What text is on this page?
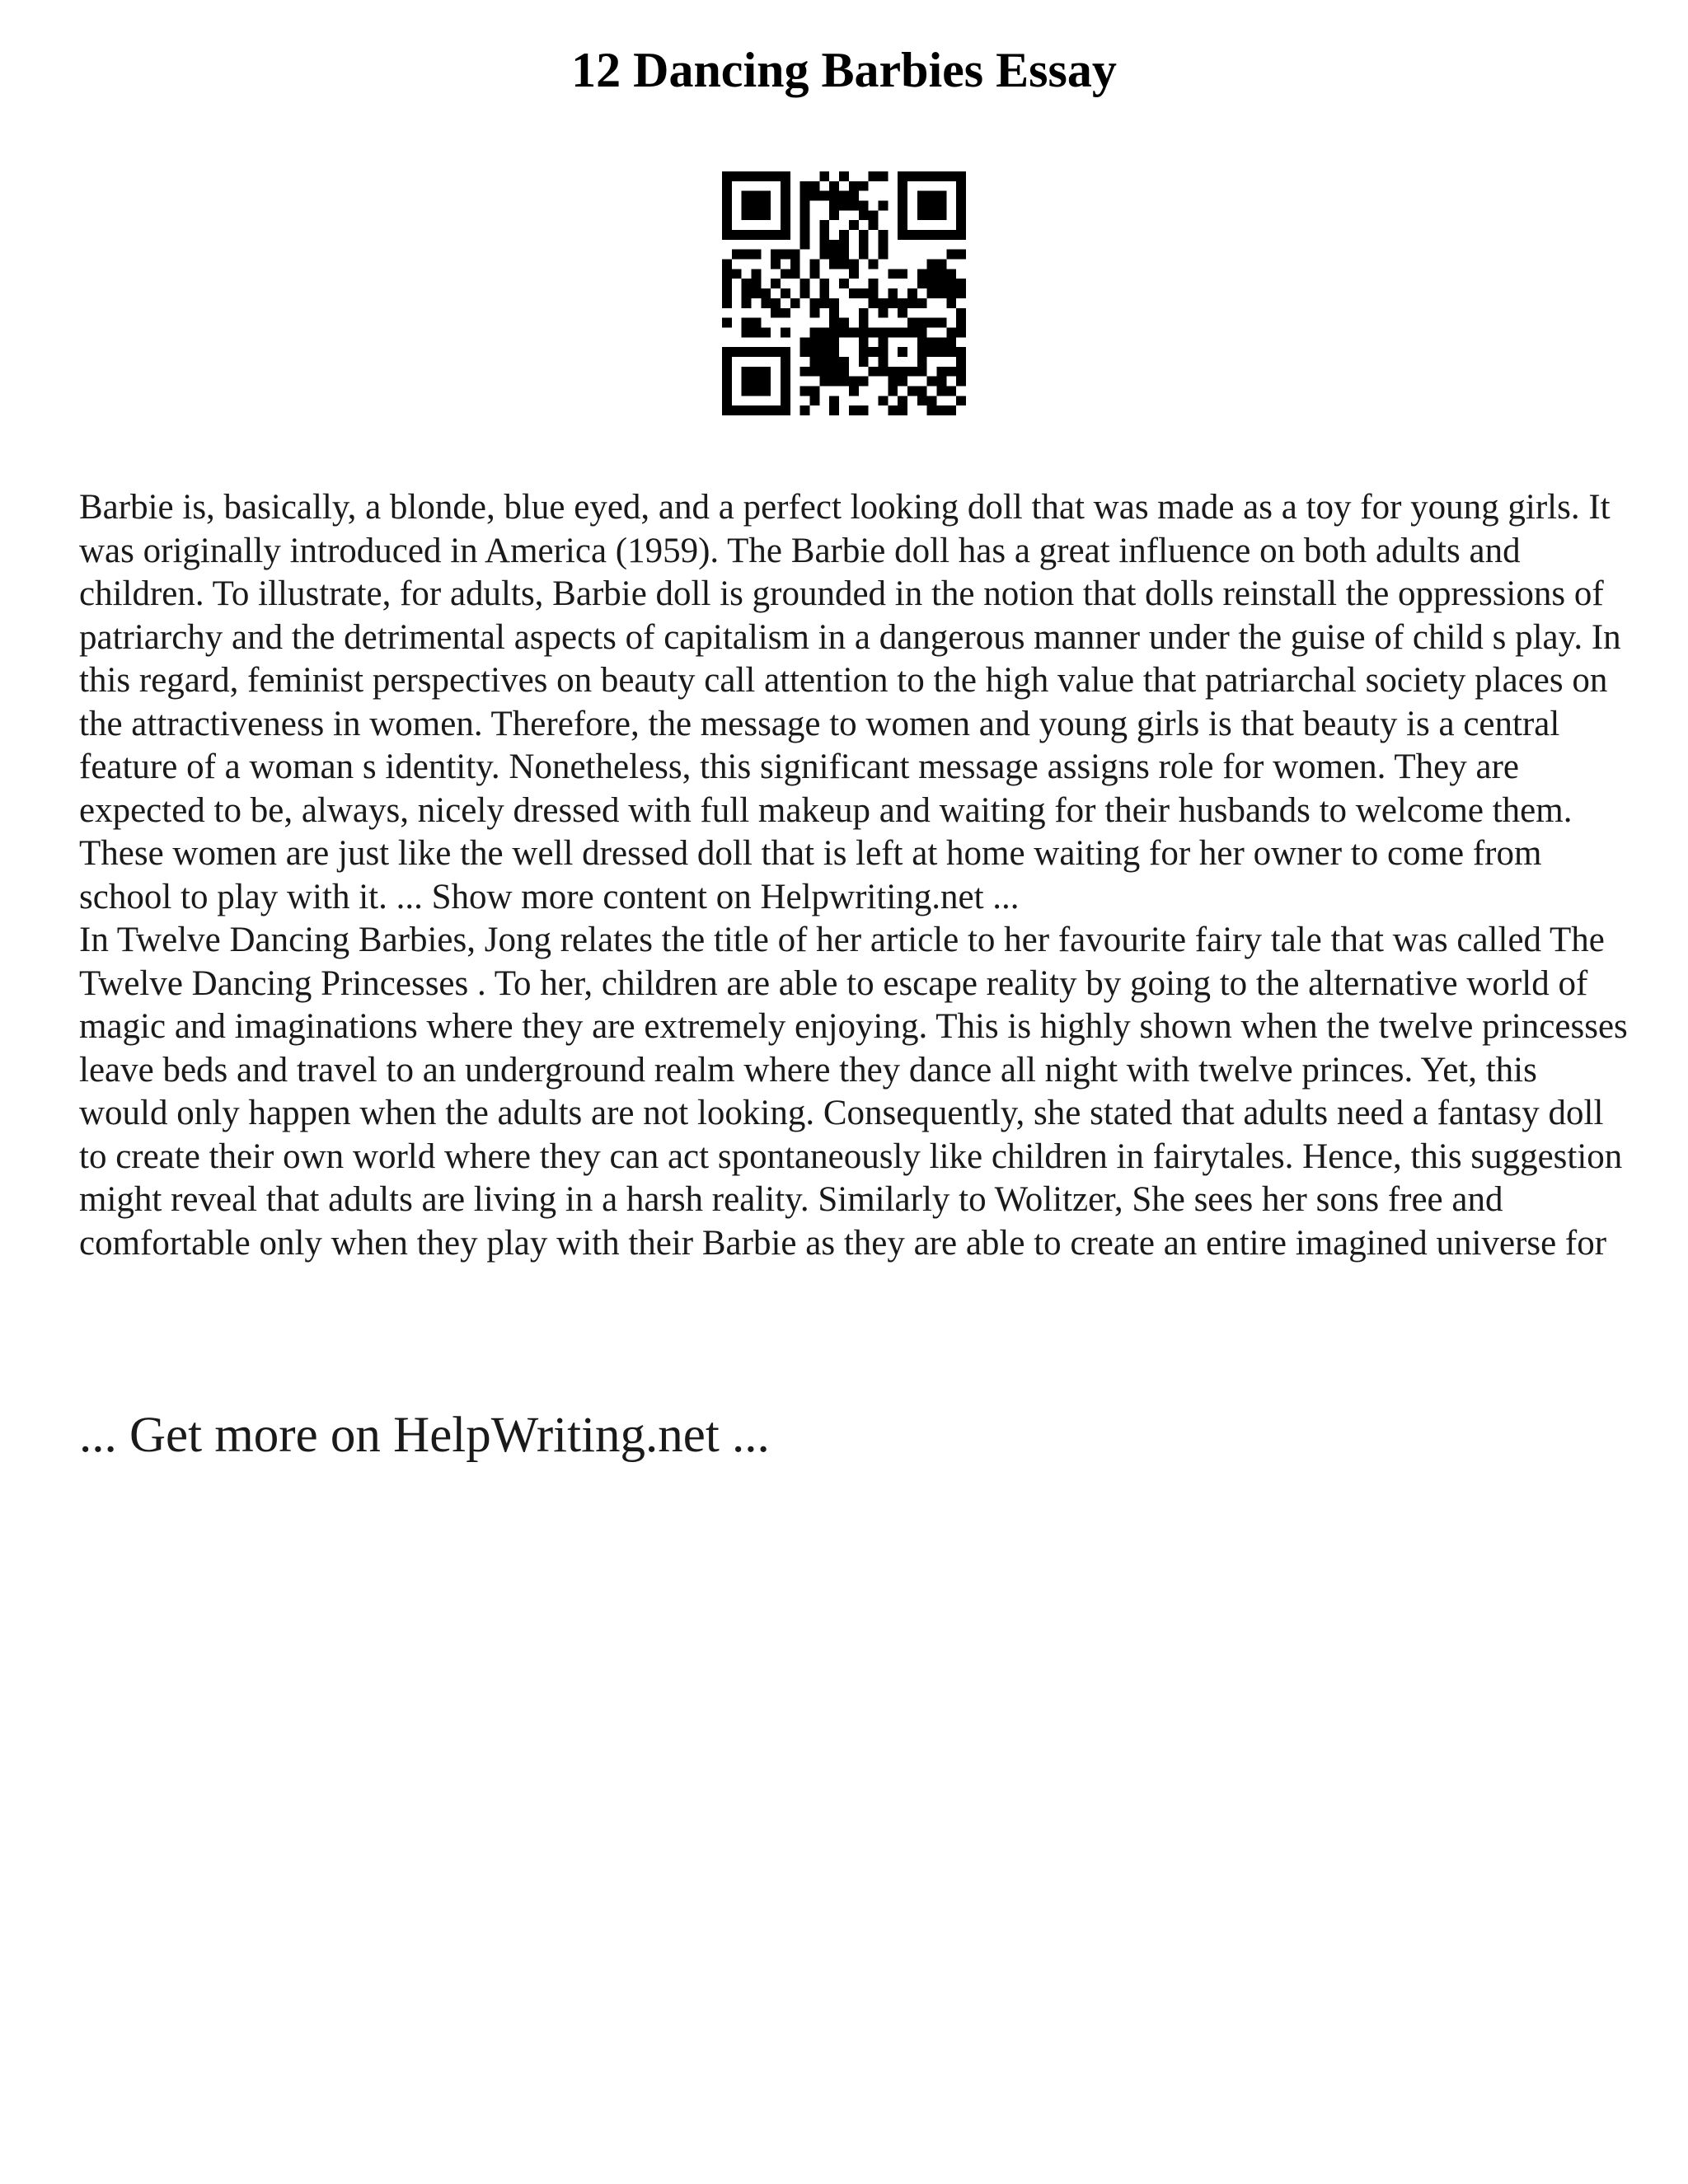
12 Dancing Barbies Essay

Barbie is, basically, a blonde, blue eyed, and a perfect looking doll that was made as a toy for young girls. It was originally introduced in America (1959). The Barbie doll has a great influence on both adults and children. To illustrate, for adults, Barbie doll is grounded in the notion that dolls reinstall the oppressions of patriarchy and the detrimental aspects of capitalism in a dangerous manner under the guise of child s play. In this regard, feminist perspectives on beauty call attention to the high value that patriarchal society places on the attractiveness in women. Therefore, the message to women and young girls is that beauty is a central feature of a woman s identity. Nonetheless, this significant message assigns role for women. They are expected to be, always, nicely dressed with full makeup and waiting for their husbands to welcome them. These women are just like the well dressed doll that is left at home waiting for her owner to come from school to play with it. ... Show more content on Helpwriting.net ...

In Twelve Dancing Barbies, Jong relates the title of her article to her favourite fairy tale that was called The Twelve Dancing Princesses . To her, children are able to escape reality by going to the alternative world of magic and imaginations where they are extremely enjoying. This is highly shown when the twelve princesses leave beds and travel to an underground realm where they dance all night with twelve princes. Yet, this would only happen when the adults are not looking. Consequently, she stated that adults need a fantasy doll to create their own world where they can act spontaneously like children in fairytales. Hence, this suggestion might reveal that adults are living in a harsh reality. Similarly to Wolitzer, She sees her sons free and comfortable only when they play with their Barbie as they are able to create an entire imagined universe for

... Get more on HelpWriting.net ...
